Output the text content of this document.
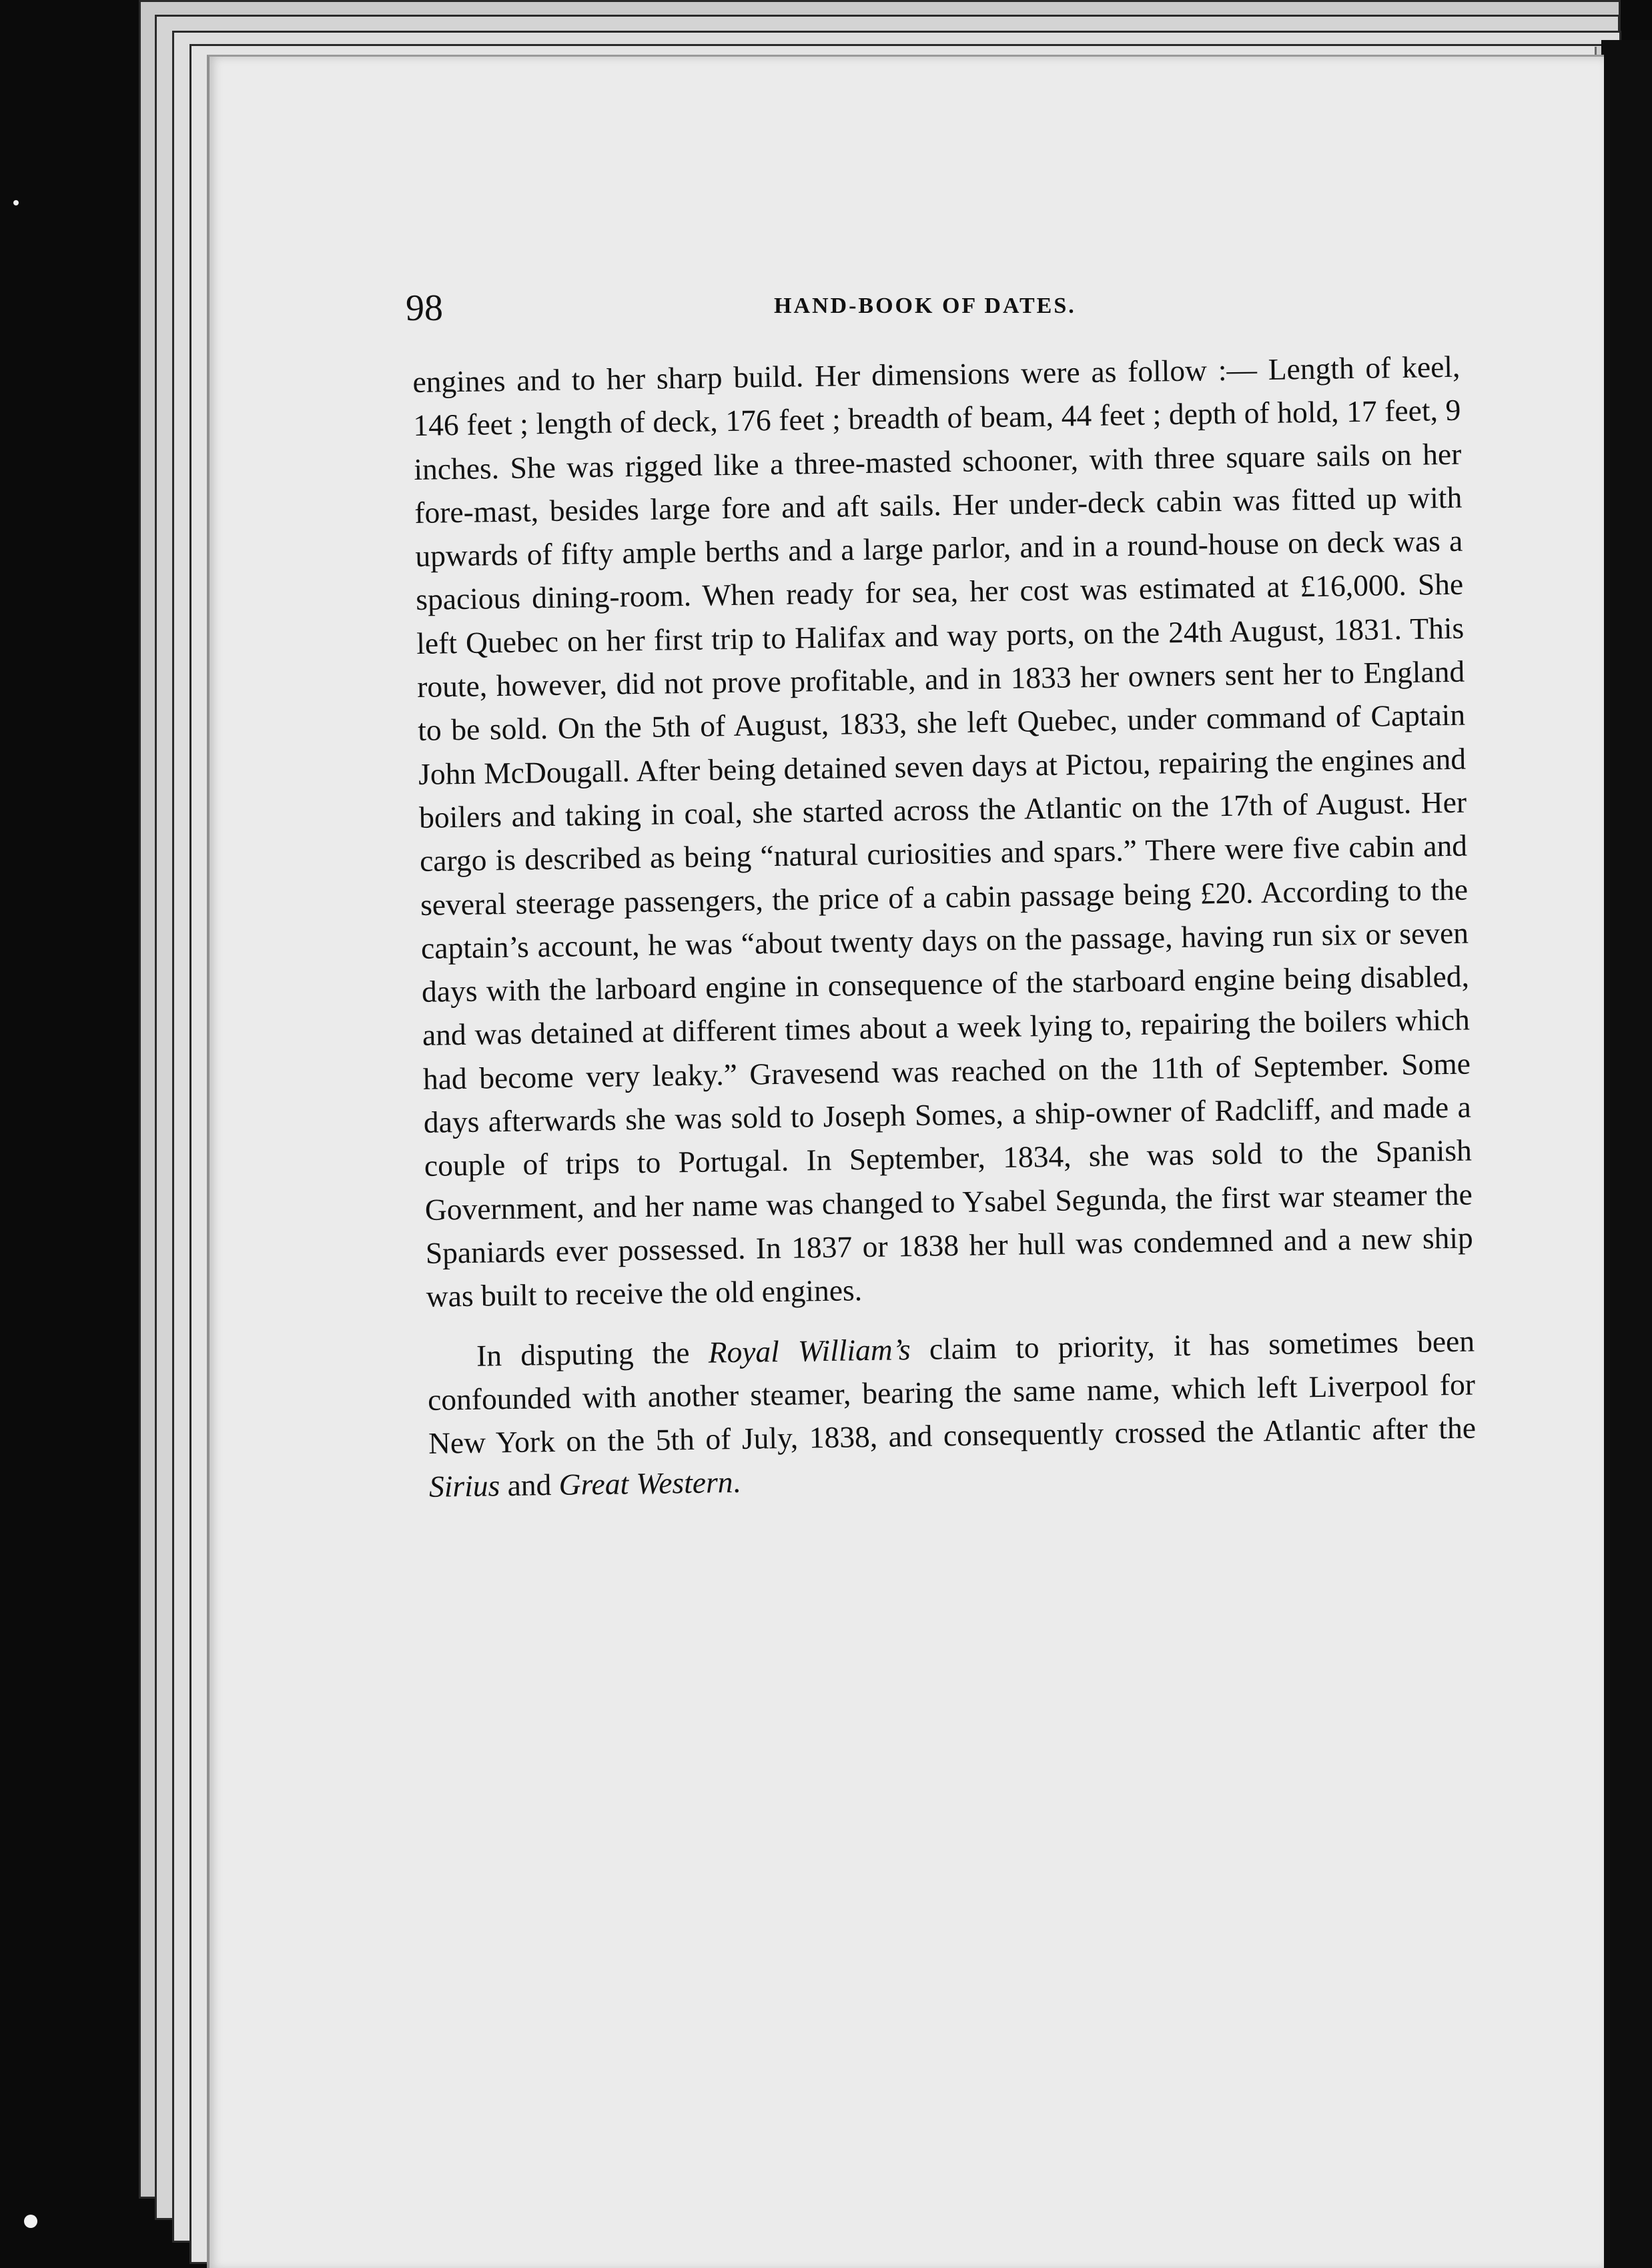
98	HAND-BOOK OF DATES.

engines and to her sharp build. Her dimensions were as follow :— Length of keel, 146 feet ; length of deck, 176 feet ; breadth of beam, 44 feet ; depth of hold, 17 feet, 9 inches. She was rigged like a three-masted schooner, with three square sails on her fore-mast, besides large fore and aft sails. Her under-deck cabin was fitted up with upwards of fifty ample berths and a large parlor, and in a round-house on deck was a spacious dining-room. When ready for sea, her cost was estimated at £16,000. She left Quebec on her first trip to Halifax and way ports, on the 24th August, 1831. This route, however, did not prove profitable, and in 1833 her owners sent her to England to be sold. On the 5th of August, 1833, she left Quebec, under command of Captain John McDougall. After being detained seven days at Pictou, repairing the engines and boilers and taking in coal, she started across the Atlantic on the 17th of August. Her cargo is described as being “natural curiosities and spars.” There were five cabin and several steerage passengers, the price of a cabin passage being £20. According to the captain’s account, he was “about twenty days on the passage, having run six or seven days with the larboard engine in consequence of the starboard engine being disabled, and was detained at different times about a week lying to, repairing the boilers which had become very leaky.” Gravesend was reached on the 11th of September. Some days afterwards she was sold to Joseph Somes, a ship-owner of Radcliff, and made a couple of trips to Portugal. In September, 1834, she was sold to the Spanish Government, and her name was changed to Ysabel Segunda, the first war steamer the Spaniards ever possessed. In 1837 or 1838 her hull was condemned and a new ship was built to receive the old engines.

In disputing the Royal William’s claim to priority, it has sometimes been confounded with another steamer, bearing the same name, which left Liverpool for New York on the 5th of July, 1838, and consequently crossed the Atlantic after the Sirius and Great Western.
